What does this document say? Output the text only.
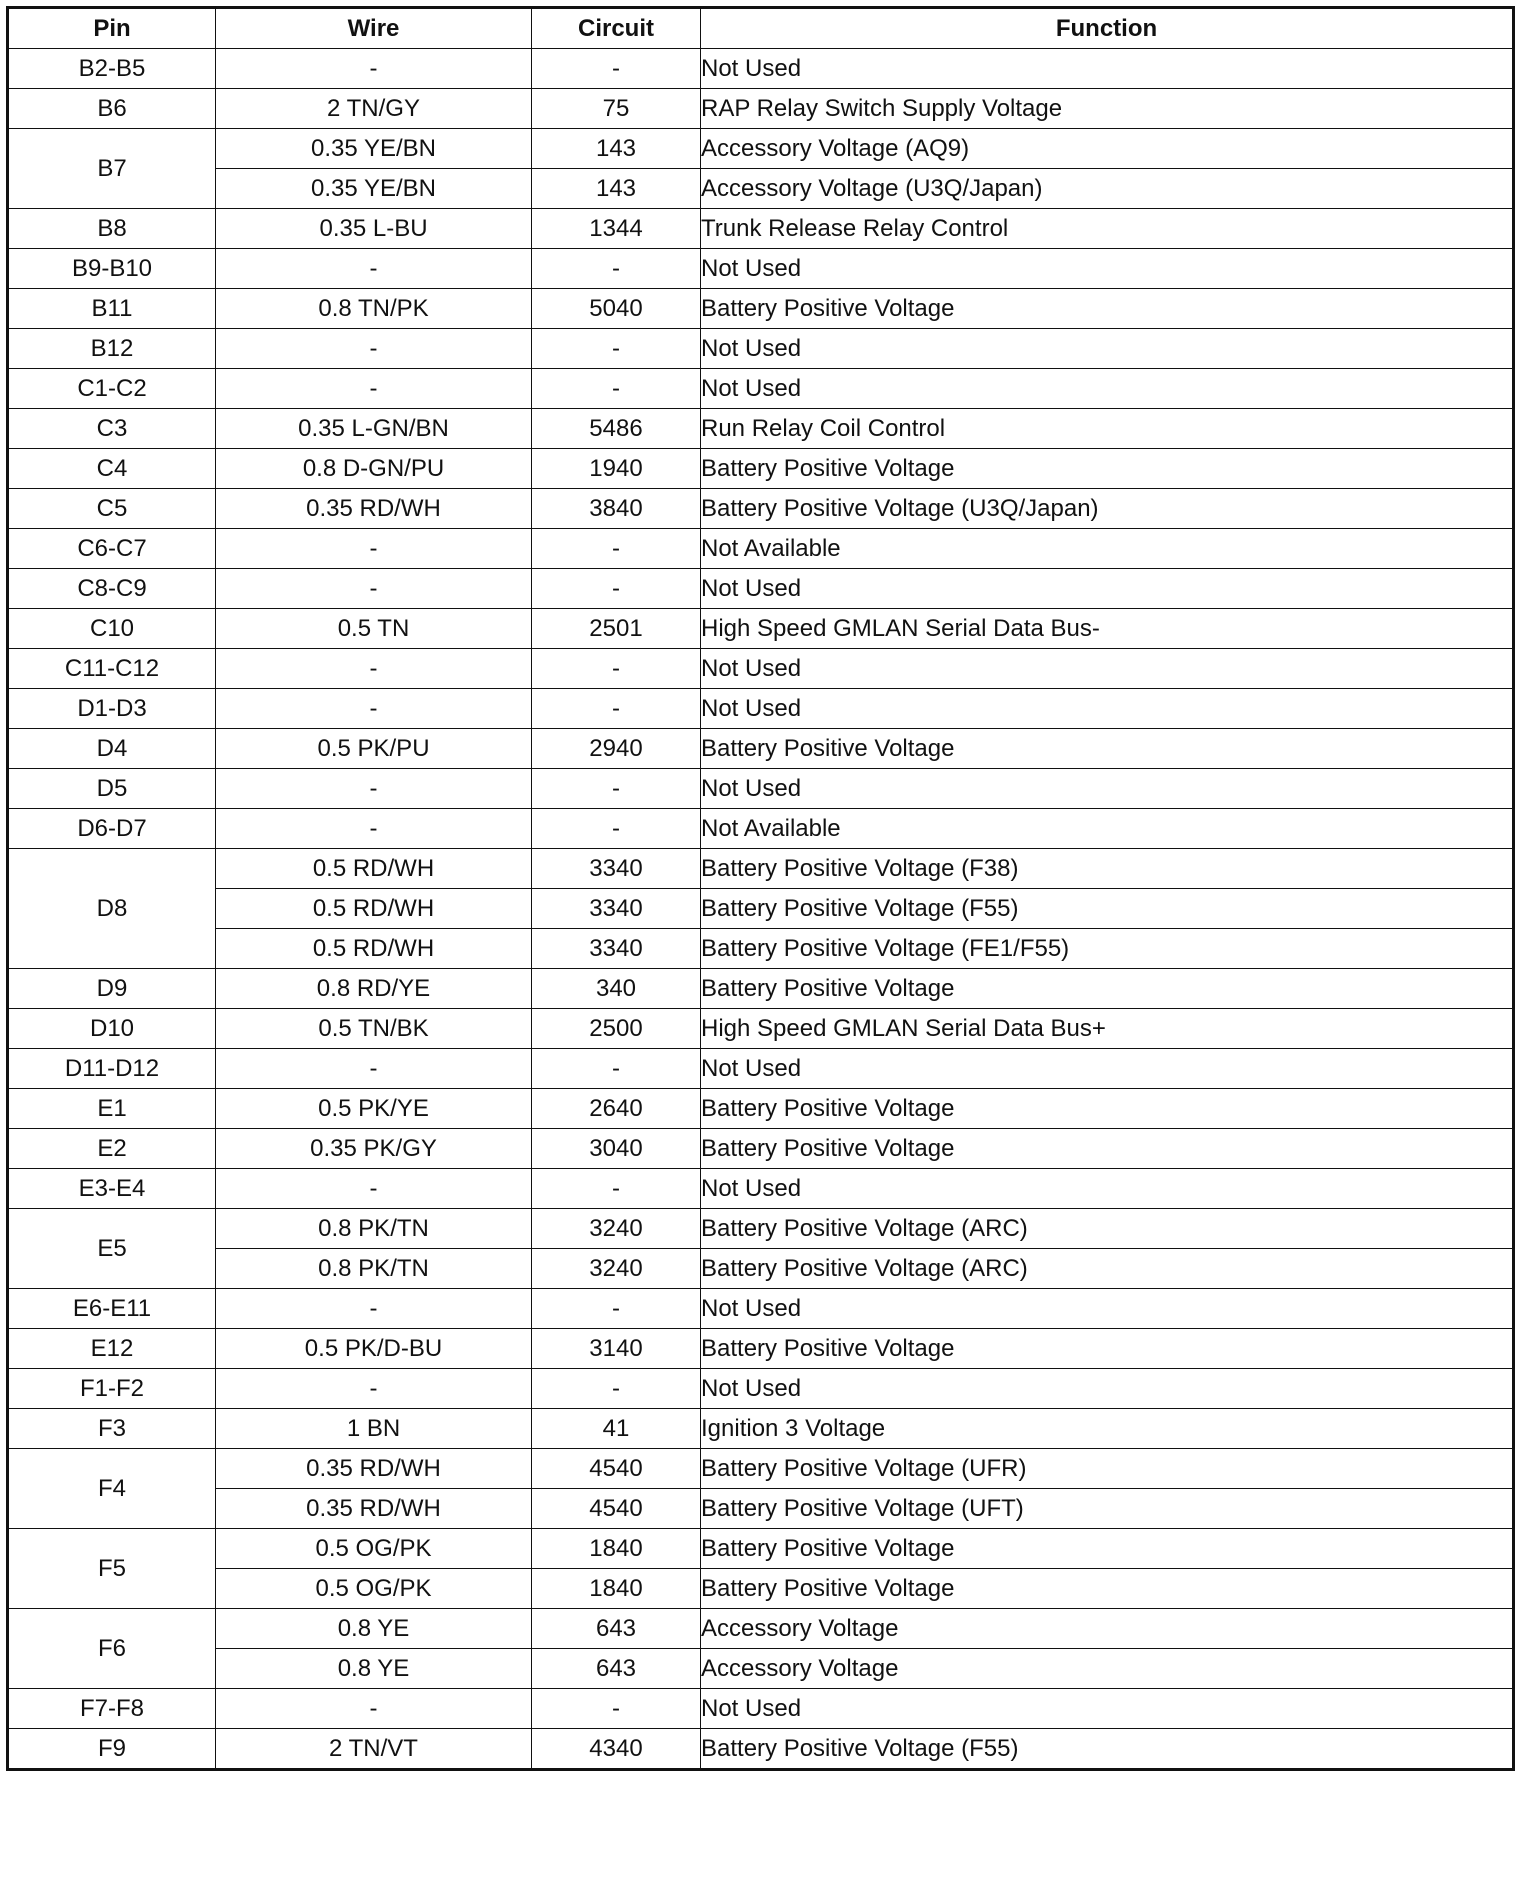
Pin	Wire	Circuit	Function
B2-B5	-	-	Not Used
B6	2 TN/GY	75	RAP Relay Switch Supply Voltage
B7	0.35 YE/BN	143	Accessory Voltage (AQ9)
	0.35 YE/BN	143	Accessory Voltage (U3Q/Japan)
B8	0.35 L-BU	1344	Trunk Release Relay Control
B9-B10	-	-	Not Used
B11	0.8 TN/PK	5040	Battery Positive Voltage
B12	-	-	Not Used
C1-C2	-	-	Not Used
C3	0.35 L-GN/BN	5486	Run Relay Coil Control
C4	0.8 D-GN/PU	1940	Battery Positive Voltage
C5	0.35 RD/WH	3840	Battery Positive Voltage (U3Q/Japan)
C6-C7	-	-	Not Available
C8-C9	-	-	Not Used
C10	0.5 TN	2501	High Speed GMLAN Serial Data Bus-
C11-C12	-	-	Not Used
D1-D3	-	-	Not Used
D4	0.5 PK/PU	2940	Battery Positive Voltage
D5	-	-	Not Used
D6-D7	-	-	Not Available
D8	0.5 RD/WH	3340	Battery Positive Voltage (F38)
	0.5 RD/WH	3340	Battery Positive Voltage (F55)
	0.5 RD/WH	3340	Battery Positive Voltage (FE1/F55)
D9	0.8 RD/YE	340	Battery Positive Voltage
D10	0.5 TN/BK	2500	High Speed GMLAN Serial Data Bus+
D11-D12	-	-	Not Used
E1	0.5 PK/YE	2640	Battery Positive Voltage
E2	0.35 PK/GY	3040	Battery Positive Voltage
E3-E4	-	-	Not Used
E5	0.8 PK/TN	3240	Battery Positive Voltage (ARC)
	0.8 PK/TN	3240	Battery Positive Voltage (ARC)
E6-E11	-	-	Not Used
E12	0.5 PK/D-BU	3140	Battery Positive Voltage
F1-F2	-	-	Not Used
F3	1 BN	41	Ignition 3 Voltage
F4	0.35 RD/WH	4540	Battery Positive Voltage (UFR)
	0.35 RD/WH	4540	Battery Positive Voltage (UFT)
F5	0.5 OG/PK	1840	Battery Positive Voltage
	0.5 OG/PK	1840	Battery Positive Voltage
F6	0.8 YE	643	Accessory Voltage
	0.8 YE	643	Accessory Voltage
F7-F8	-	-	Not Used
F9	2 TN/VT	4340	Battery Positive Voltage (F55)
